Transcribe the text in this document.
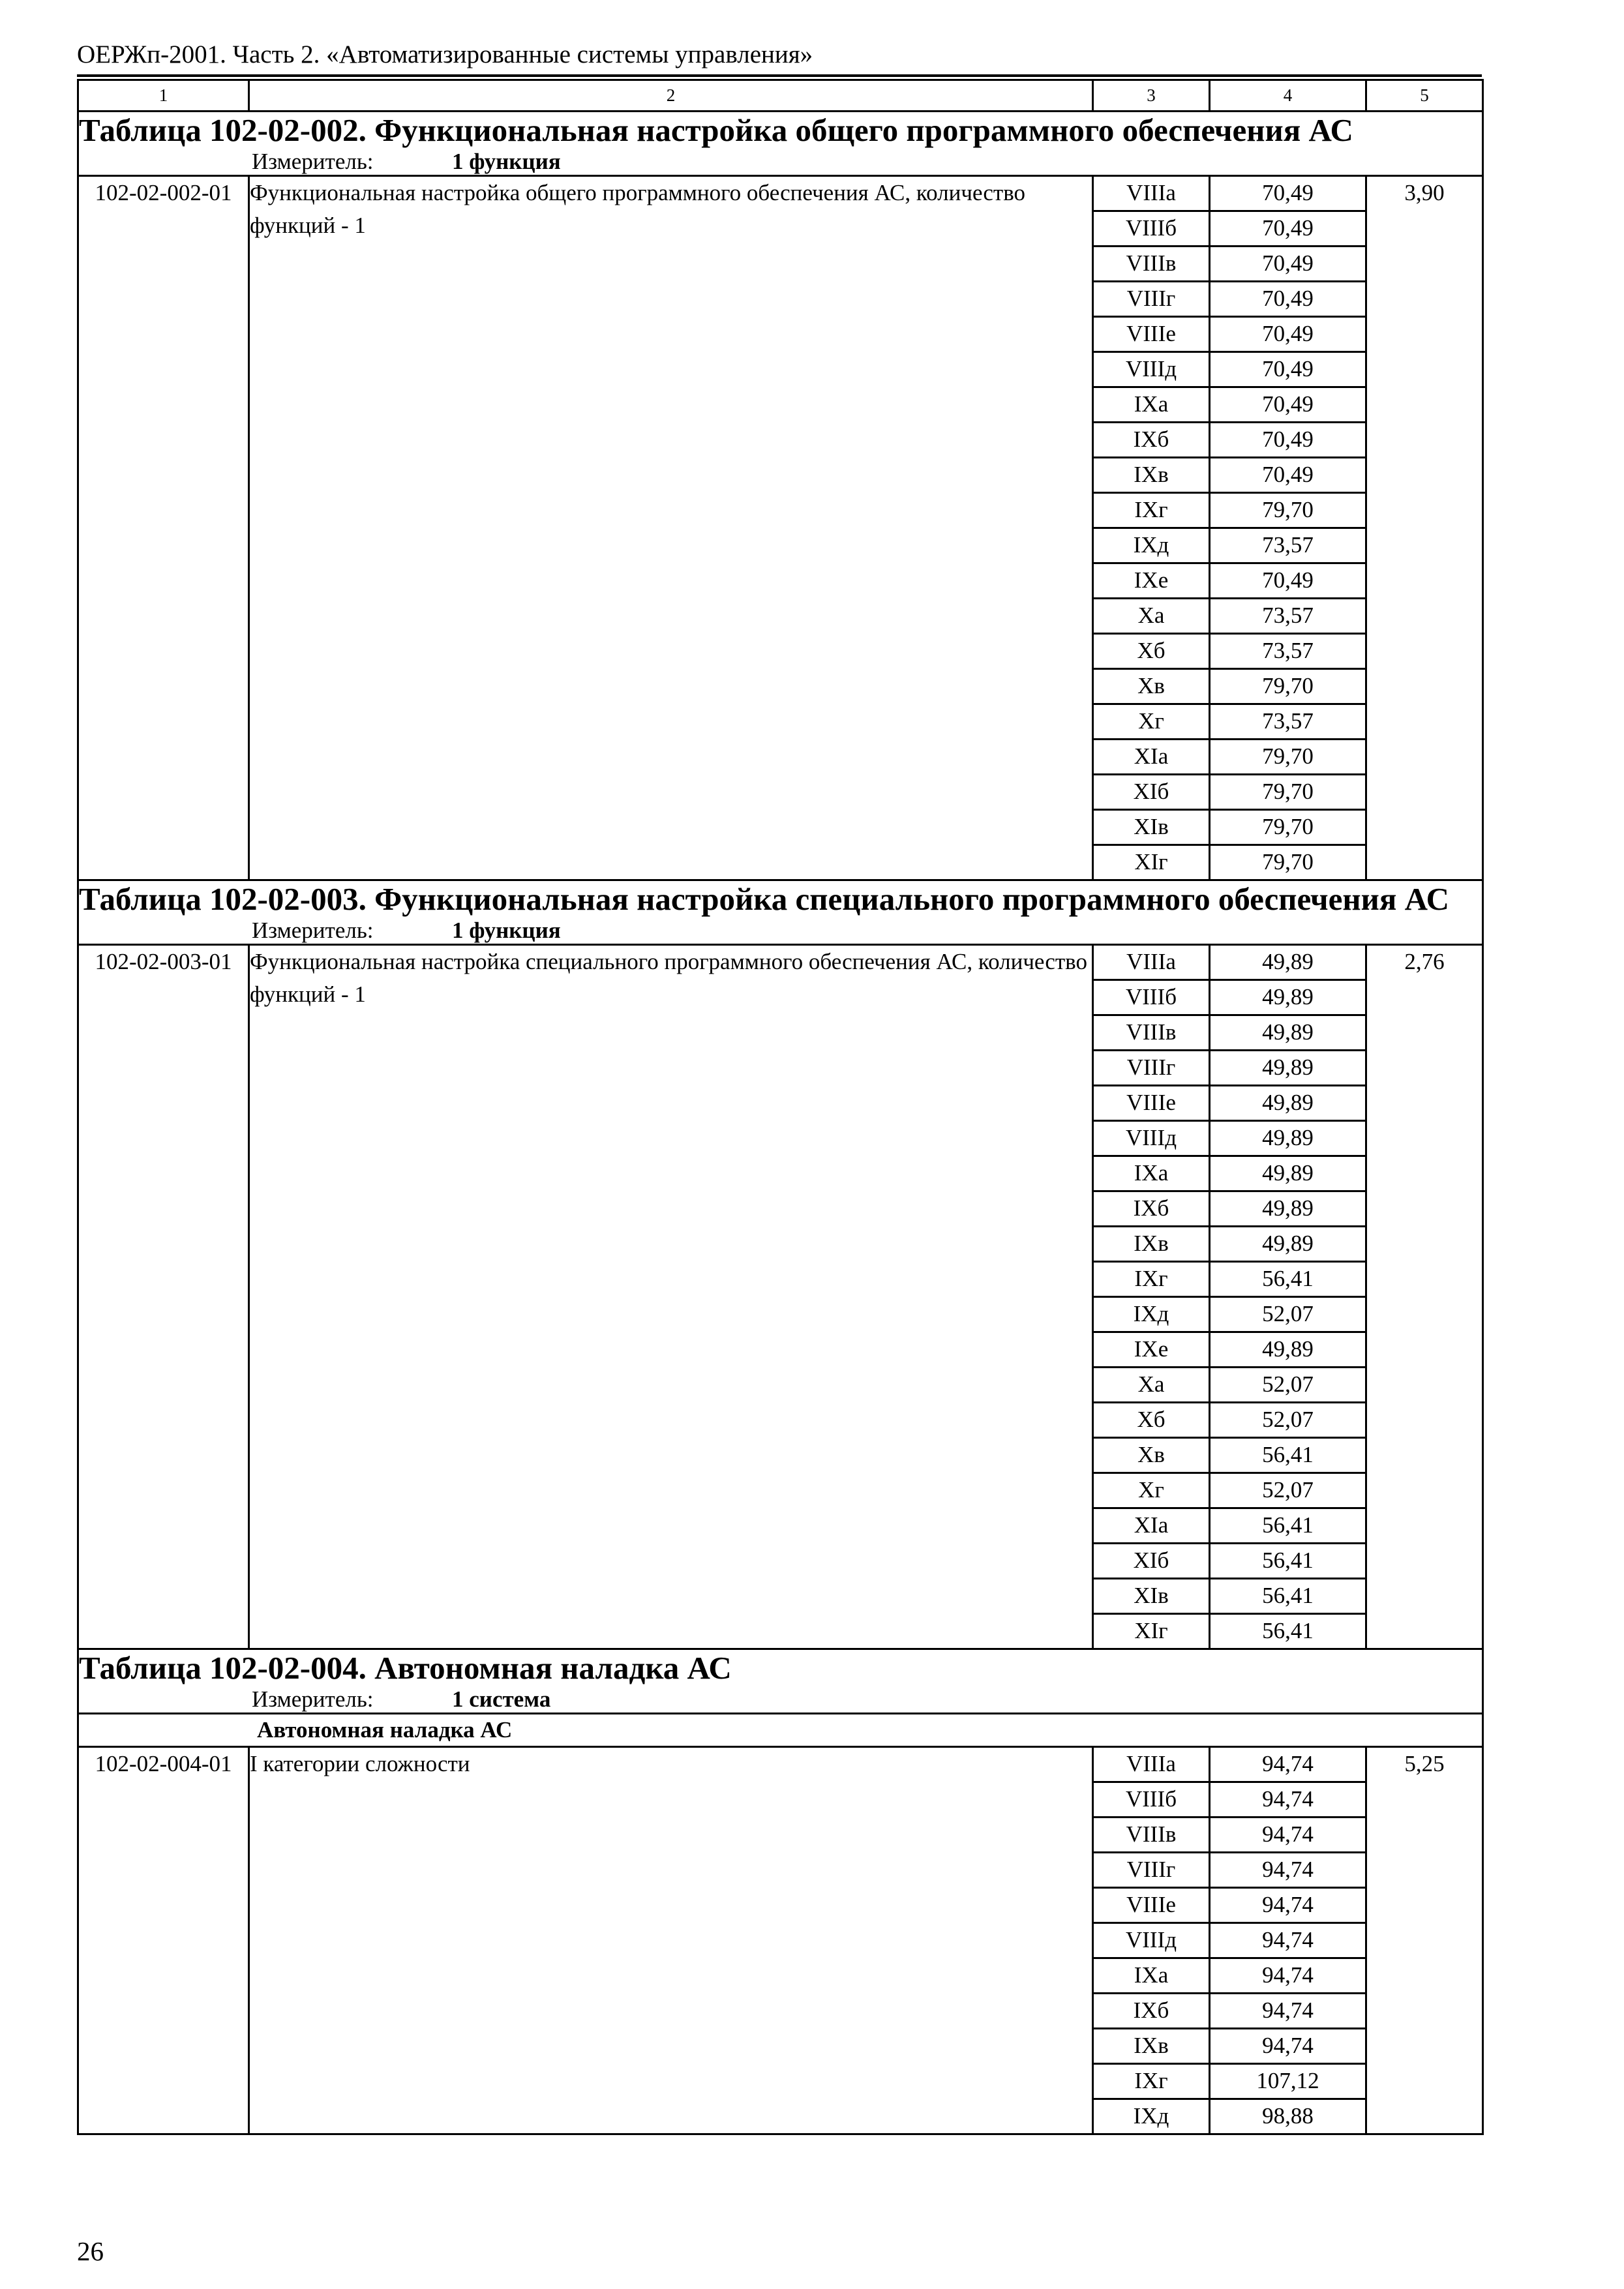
ОЕРЖп-2001. Часть 2. «Автоматизированные системы управления»
1	2	3	4	5
Таблица 102-02-002. Функциональная настройка общего программного обеспечения АС				
Измеритель: 1 функция				
102-02-002-01	Функциональная настройка общего программного обеспечения АС, количество функций - 1	VIIIа	70,49	3,90
		VIIIб	70,49	
		VIIIв	70,49	
		VIIIг	70,49	
		VIIIе	70,49	
		VIIIд	70,49	
		IXа	70,49	
		IXб	70,49	
		IXв	70,49	
		IXг	79,70	
		IXд	73,57	
		IXе	70,49	
		Xа	73,57	
		Xб	73,57	
		Xв	79,70	
		Xг	73,57	
		XIа	79,70	
		XIб	79,70	
		XIв	79,70	
		XIг	79,70	
Таблица 102-02-003. Функциональная настройка специального программного обеспечения АС				
Измеритель: 1 функция				
102-02-003-01	Функциональная настройка специального программного обеспечения АС, количество функций - 1	VIIIа	49,89	2,76
		VIIIб	49,89	
		VIIIв	49,89	
		VIIIг	49,89	
		VIIIе	49,89	
		VIIIд	49,89	
		IXа	49,89	
		IXб	49,89	
		IXв	49,89	
		IXг	56,41	
		IXд	52,07	
		IXе	49,89	
		Xа	52,07	
		Xб	52,07	
		Xв	56,41	
		Xг	52,07	
		XIа	56,41	
		XIб	56,41	
		XIв	56,41	
		XIг	56,41	
Таблица 102-02-004. Автономная наладка АС				
Измеритель: 1 система				
Автономная наладка АС				
102-02-004-01	I категории сложности	VIIIа	94,74	5,25
		VIIIб	94,74	
		VIIIв	94,74	
		VIIIг	94,74	
		VIIIе	94,74	
		VIIIд	94,74	
		IXа	94,74	
		IXб	94,74	
		IXв	94,74	
		IXг	107,12	
		IXд	98,88	
26
